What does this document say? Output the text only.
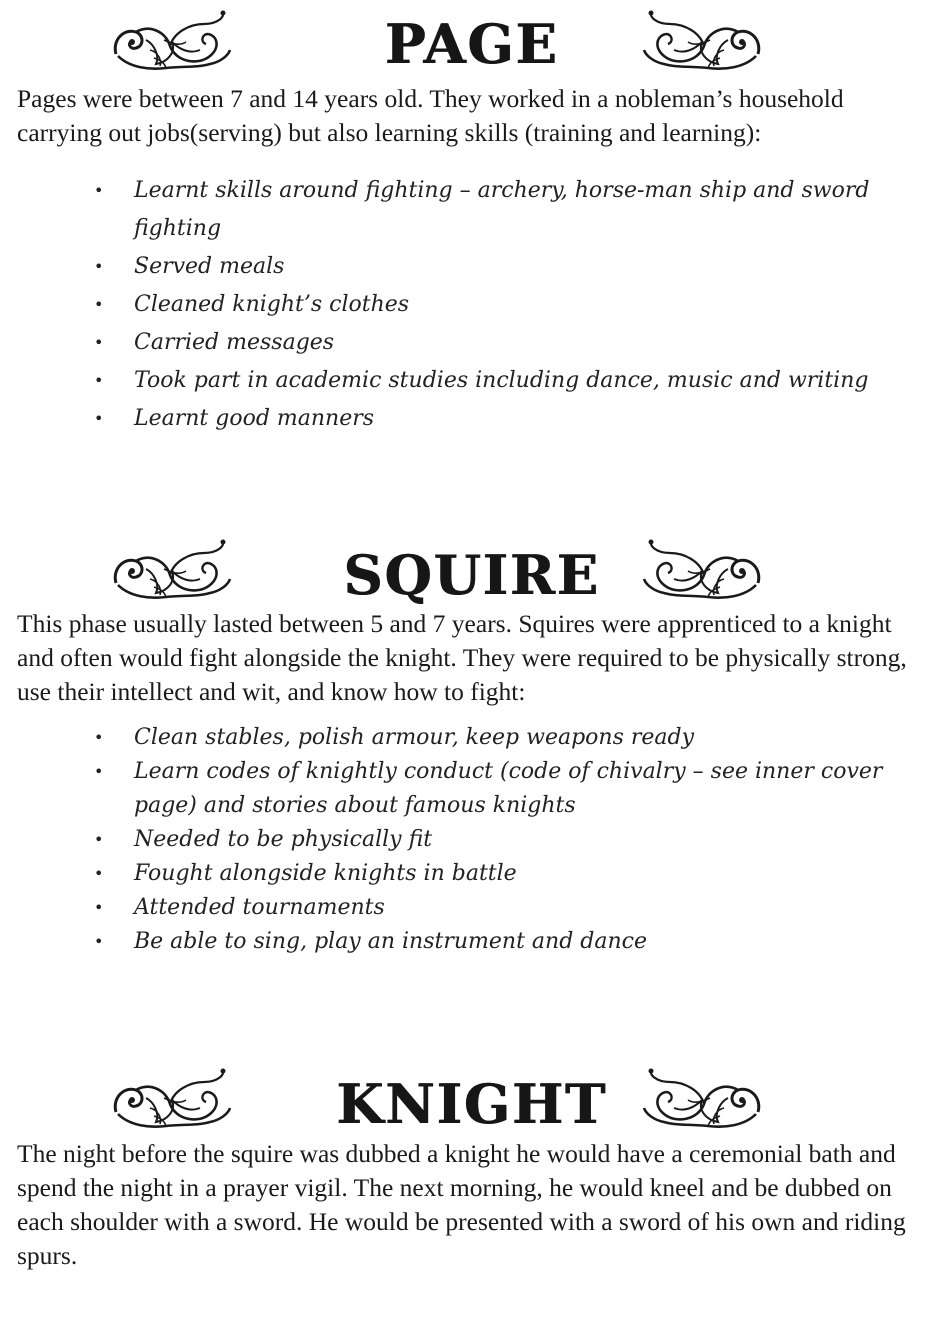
PAGE

Pages were between 7 and 14 years old. They worked in a nobleman’s household carrying out jobs(serving) but also learning skills (training and learning):

• Learnt skills around fighting – archery, horse-man ship and sword fighting
• Served meals
• Cleaned knight’s clothes
• Carried messages
• Took part in academic studies including dance, music and writing
• Learnt good manners
SQUIRE

This phase usually lasted between 5 and 7 years. Squires were apprenticed to a knight and often would fight alongside the knight. They were required to be physically strong, use their intellect and wit, and know how to fight:

• Clean stables, polish armour, keep weapons ready
• Learn codes of knightly conduct (code of chivalry – see inner cover page) and stories about famous knights
• Needed to be physically fit
• Fought alongside knights in battle
• Attended tournaments
• Be able to sing, play an instrument and dance
KNIGHT

The night before the squire was dubbed a knight he would have a ceremonial bath and spend the night in a prayer vigil. The next morning, he would kneel and be dubbed on each shoulder with a sword. He would be presented with a sword of his own and riding spurs.
